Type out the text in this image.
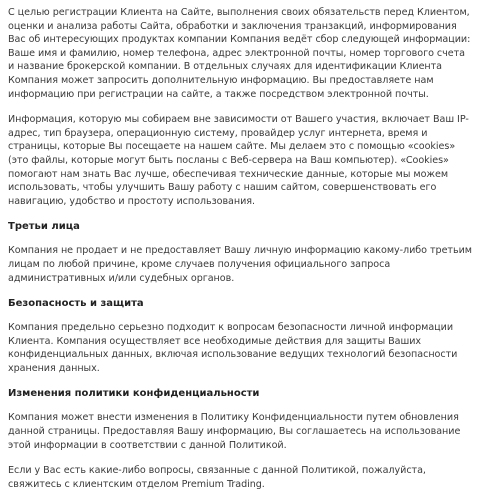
С целью регистрации Клиента на Сайте, выполнения своих обязательств перед Клиентом, оценки и анализа работы Сайта, обработки и заключения транзакций, информирования Вас об интересующих продуктах компании Компания ведёт сбор следующей информации: Ваше имя и фамилию, номер телефона, адрес электронной почты, номер торгового счета и название брокерской компании. В отдельных случаях для идентификации Клиента Компания может запросить дополнительную информацию. Вы предоставляете нам информацию при регистрации на сайте, а также посредством электронной почты.

Информация, которую мы собираем вне зависимости от Вашего участия, включает Ваш IP-адрес, тип браузера, операционную систему, провайдер услуг интернета, время и страницы, которые Вы посещаете на нашем сайте. Мы делаем это с помощью «cookies» (это файлы, которые могут быть посланы с Веб-сервера на Ваш компьютер). «Cookies» помогают нам знать Вас лучше, обеспечивая технические данные, которые мы можем использовать, чтобы улучшить Вашу работу с нашим сайтом, совершенствовать его навигацию, удобство и простоту использования.

Третьи лица

Компания не продает и не предоставляет Вашу личную информацию какому-либо третьим лицам по любой причине, кроме случаев получения официального запроса административных и/или судебных органов.

Безопасность и защита

Компания предельно серьезно подходит к вопросам безопасности личной информации Клиента. Компания осуществляет все необходимые действия для защиты Ваших конфиденциальных данных, включая использование ведущих технологий безопасности хранения данных.

Изменения политики конфиденциальности

Компания может внести изменения в Политику Конфиденциальности путем обновления данной страницы. Предоставляя Вашу информацию, Вы соглашаетесь на использование этой информации в соответствии с данной Политикой.

Если у Вас есть какие-либо вопросы, связанные с данной Политикой, пожалуйста, свяжитесь с клиентским отделом Premium Trading.
